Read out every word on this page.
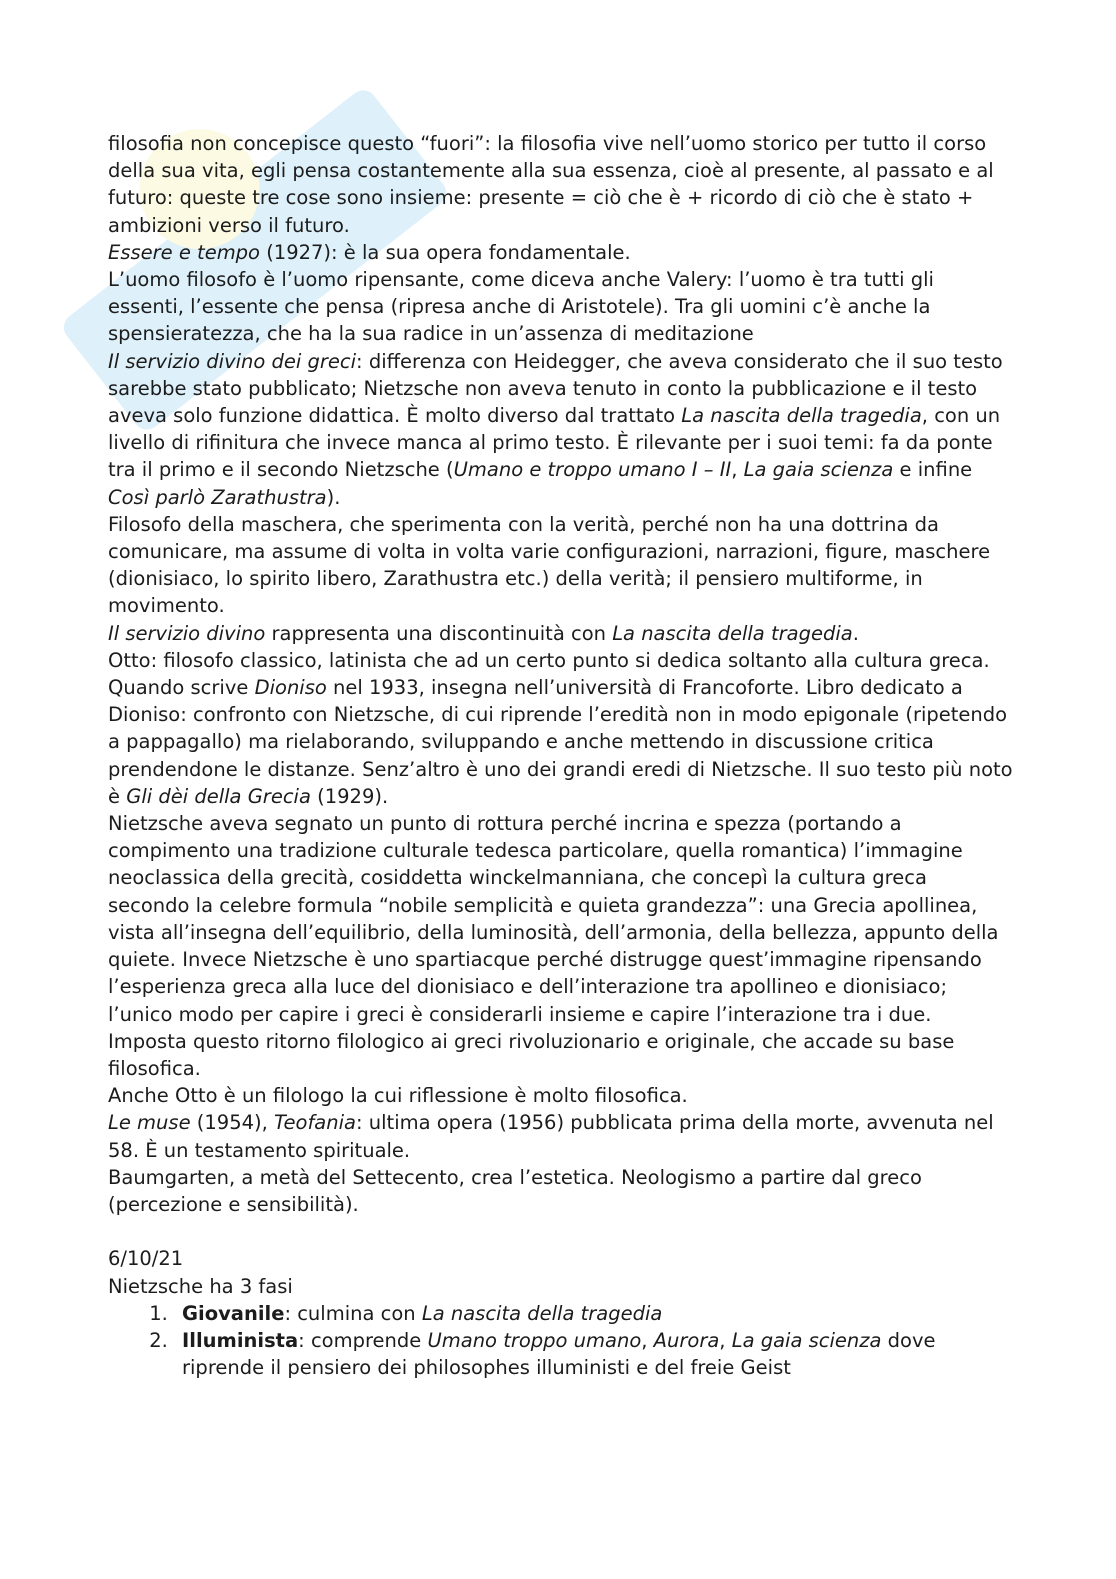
filosofia non concepisce questo “fuori”: la filosofia vive nell’uomo storico per tutto il corso della sua vita, egli pensa costantemente alla sua essenza, cioè al presente, al passato e al futuro: queste tre cose sono insieme: presente = ciò che è + ricordo di ciò che è stato + ambizioni verso il futuro.

Essere e tempo (1927): è la sua opera fondamentale.

L’uomo filosofo è l’uomo ripensante, come diceva anche Valery: l’uomo è tra tutti gli essenti, l’essente che pensa (ripresa anche di Aristotele). Tra gli uomini c’è anche la spensieratezza, che ha la sua radice in un’assenza di meditazione

Il servizio divino dei greci: differenza con Heidegger, che aveva considerato che il suo testo sarebbe stato pubblicato; Nietzsche non aveva tenuto in conto la pubblicazione e il testo aveva solo funzione didattica. È molto diverso dal trattato La nascita della tragedia, con un livello di rifinitura che invece manca al primo testo. È rilevante per i suoi temi: fa da ponte tra il primo e il secondo Nietzsche (Umano e troppo umano I – II, La gaia scienza e infine Così parlò Zarathustra).

Filosofo della maschera, che sperimenta con la verità, perché non ha una dottrina da comunicare, ma assume di volta in volta varie configurazioni, narrazioni, figure, maschere (dionisiaco, lo spirito libero, Zarathustra etc.) della verità; il pensiero multiforme, in movimento.

Il servizio divino rappresenta una discontinuità con La nascita della tragedia.

Otto: filosofo classico, latinista che ad un certo punto si dedica soltanto alla cultura greca. Quando scrive Dioniso nel 1933, insegna nell’università di Francoforte. Libro dedicato a Dioniso: confronto con Nietzsche, di cui riprende l’eredità non in modo epigonale (ripetendo a pappagallo) ma rielaborando, sviluppando e anche mettendo in discussione critica prendendone le distanze. Senz’altro è uno dei grandi eredi di Nietzsche. Il suo testo più noto è Gli dèi della Grecia (1929).

Nietzsche aveva segnato un punto di rottura perché incrina e spezza (portando a compimento una tradizione culturale tedesca particolare, quella romantica) l’immagine neoclassica della grecità, cosiddetta winckelmanniana, che concepì la cultura greca secondo la celebre formula “nobile semplicità e quieta grandezza”: una Grecia apollinea, vista all’insegna dell’equilibrio, della luminosità, dell’armonia, della bellezza, appunto della quiete. Invece Nietzsche è uno spartiacque perché distrugge quest’immagine ripensando l’esperienza greca alla luce del dionisiaco e dell’interazione tra apollineo e dionisiaco; l’unico modo per capire i greci è considerarli insieme e capire l’interazione tra i due.

Imposta questo ritorno filologico ai greci rivoluzionario e originale, che accade su base filosofica.

Anche Otto è un filologo la cui riflessione è molto filosofica.

Le muse (1954), Teofania: ultima opera (1956) pubblicata prima della morte, avvenuta nel 58. È un testamento spirituale.

Baumgarten, a metà del Settecento, crea l’estetica. Neologismo a partire dal greco (percezione e sensibilità).

6/10/21

Nietzsche ha 3 fasi

1. Giovanile: culmina con La nascita della tragedia
2. Illuminista: comprende Umano troppo umano, Aurora, La gaia scienza dove riprende il pensiero dei philosophes illuministi e del freie Geist
